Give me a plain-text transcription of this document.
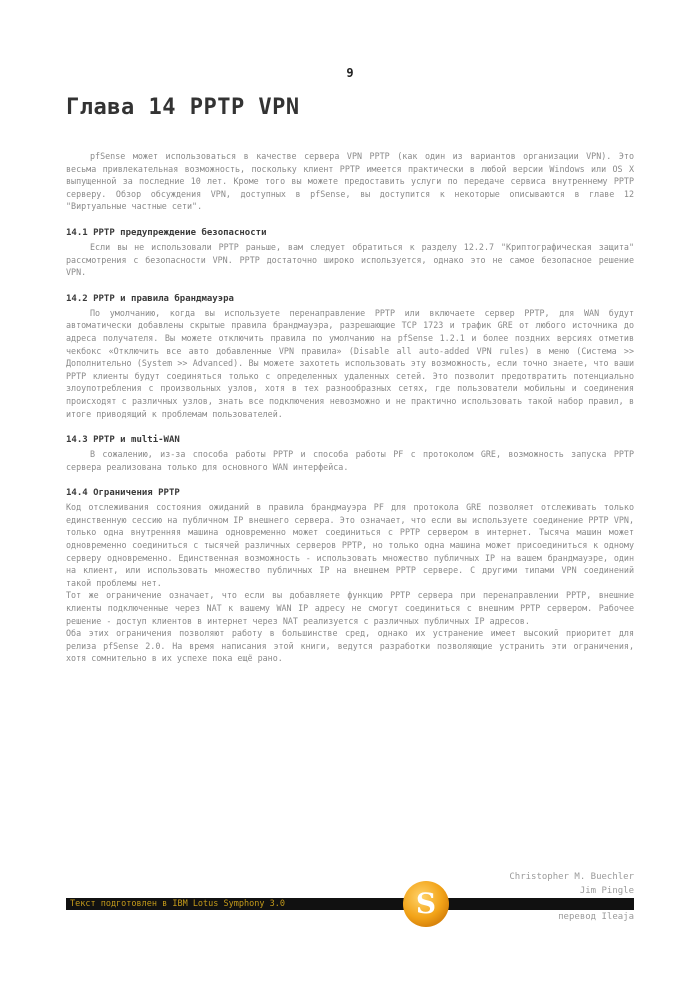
9
Глава 14 PPTP VPN

pfSense может использоваться в качестве сервера VPN PPTP (как один из вариантов организации VPN). Это весьма привлекательная возможность, поскольку клиент PPTP имеется практически в любой версии Windows или OS X выпущенной за последние 10 лет. Кроме того вы можете предоставить услуги по передаче сервиса внутреннему PPTP серверу. Обзор обсуждения VPN, доступных в pfSense, вы доступится к некоторые описываются в главе 12 "Виртуальные частные сети".

14.1 PPTP предупреждение безопасности

Если вы не использовали PPTP раньше, вам следует обратиться к разделу 12.2.7 "Криптографическая защита" рассмотрения с безопасности VPN. PPTP достаточно широко используется, однако это не самое безопасное решение VPN.

14.2 PPTP и правила брандмауэра

По умолчанию, когда вы используете перенаправление PPTP или включаете сервер PPTP, для WAN будут автоматически добавлены скрытые правила брандмауэра, разрешающие TCP 1723 и трафик GRE от любого источника до адреса получателя. Вы можете отключить правила по умолчанию на pfSense 1.2.1 и более поздних версиях отметив чекбокс «Отключить все авто добавленные VPN правила» (Disable all auto-added VPN rules) в меню (Система >> Дополнительно (System >> Advanced). Вы можете захотеть использовать эту возможность, если точно знаете, что ваши PPTP клиенты будут соединяться только с определенных удаленных сетей. Это позволит предотвратить потенциально злоупотребления с произвольных узлов, хотя в тех разнообразных сетях, где пользователи мобильны и соединения происходят с различных узлов, знать все подключения невозможно и не практично использовать такой набор правил, в итоге приводящий к проблемам пользователей.

14.3 PPTP и multi-WAN

В сожалению, из-за способа работы PPTP и способа работы PF с протоколом GRE, возможность запуска PPTP сервера реализована только для основного WAN интерфейса.

14.4 Ограничения PPTP

Код отслеживания состояния ожиданий в правила брандмауэра PF для протокола GRE позволяет отслеживать только единственную сессию на публичном IP внешнего сервера. Это означает, что если вы используете соединение PPTP VPN, только одна внутренняя машина одновременно может соединиться с PPTP сервером в интернет. Тысяча машин может одновременно соединиться с тысячей различных серверов PPTP, но только одна машина может присоединиться к одному серверу одновременно. Единственная возможность - использовать множество публичных IP на вашем брандмауэре, один на клиент, или использовать множество публичных IP на внешнем PPTP сервере. С другими типами VPN соединений такой проблемы нет.

Тот же ограничение означает, что если вы добавляете функцию PPTP сервера при перенаправлении PPTP, внешние клиенты подключенные через NAT к вашему WAN IP адресу не смогут соединиться с внешним PPTP сервером. Рабочее решение - доступ клиентов в интернет через NAT реализуется с различных публичных IP адресов.

Оба этих ограничения позволяют работу в большинстве сред, однако их устранение имеет высокий приоритет для релиза pfSense 2.0. На время написания этой книги, ведутся разработки позволяющие устранить эти ограничения, хотя сомнительно в их успехе пока ещё рано.

Christopher M. Buechler
Jim Pingle
Текст подготовлен в IBM Lotus Symphony 3.0
перевод Ileaja
S
